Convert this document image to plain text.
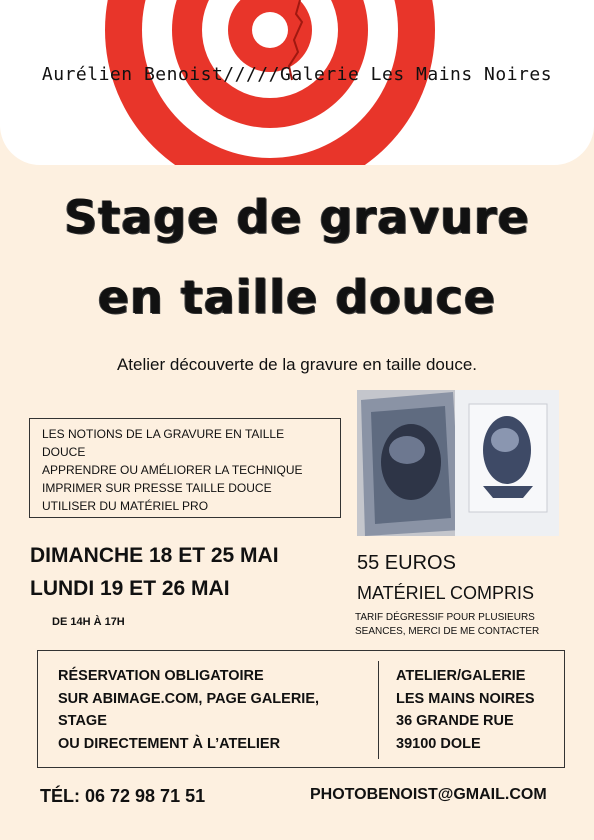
Aurélien Benoist/////Galerie Les Mains Noires
Stage de gravure
en taille douce
Atelier découverte de la gravure en taille douce.
LES NOTIONS DE LA GRAVURE EN TAILLE
DOUCE
APPRENDRE OU AMÉLIORER LA TECHNIQUE
IMPRIMER SUR PRESSE TAILLE DOUCE
UTILISER DU MATÉRIEL PRO
DIMANCHE 18 ET 25 MAI
LUNDI 19 ET 26 MAI
DE 14H À 17H
55 EUROS
MATÉRIEL COMPRIS
TARIF DÉGRESSIF POUR PLUSIEURS
SEANCES, MERCI DE ME CONTACTER
RÉSERVATION OBLIGATOIRE
SUR ABIMAGE.COM, PAGE GALERIE,
STAGE
OU DIRECTEMENT À L’ATELIER
ATELIER/GALERIE
LES MAINS NOIRES
36 GRANDE RUE
39100 DOLE
TÉL: 06 72 98 71 51	PHOTOBENOIST@GMAIL.COM
